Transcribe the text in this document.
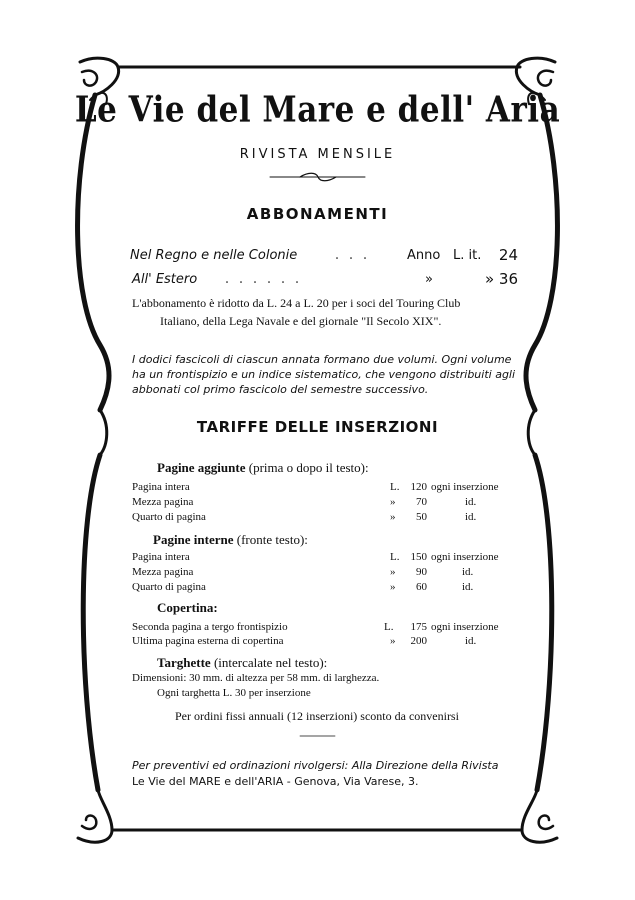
Le Vie del Mare e dell' Aria
RIVISTA MENSILE
ABBONAMENTI
Nel Regno e nelle Colonie . . .	Anno L. it.	24
All' Estero . . . . . .	»	» 36
L'abbonamento è ridotto da L. 24 a L. 20 per i soci del Touring Club
Italiano, della Lega Navale e del giornale "Il Secolo XIX".
I dodici fascicoli di ciascun annata formano due volumi. Ogni volume
ha un frontispizio e un indice sistematico, che vengono distribuiti agli
abbonati col primo fascicolo del semestre successivo.
TARIFFE DELLE INSERZIONI
Pagine aggiunte (prima o dopo il testo):
Pagina intera	L.	120 ogni inserzione
Mezza pagina	»	70	id.
Quarto di pagina	»	50	id.
Pagine interne (fronte testo):
Pagina intera	L.	150 ogni inserzione
Mezza pagina	»	90	id.
Quarto di pagina	»	60	id.
Copertina:
Seconda pagina a tergo frontispizio	L.	175 ogni inserzione
Ultima pagina esterna di copertina	»	200	id.
Targhette (intercalate nel testo):
Dimensioni: 30 mm. di altezza per 58 mm. di larghezza.
Ogni targhetta L. 30 per inserzione
Per ordini fissi annuali (12 inserzioni) sconto da convenirsi
Per preventivi ed ordinazioni rivolgersi: Alla Direzione della Rivista
Le Vie del MARE e dell'ARIA - Genova, Via Varese, 3.
